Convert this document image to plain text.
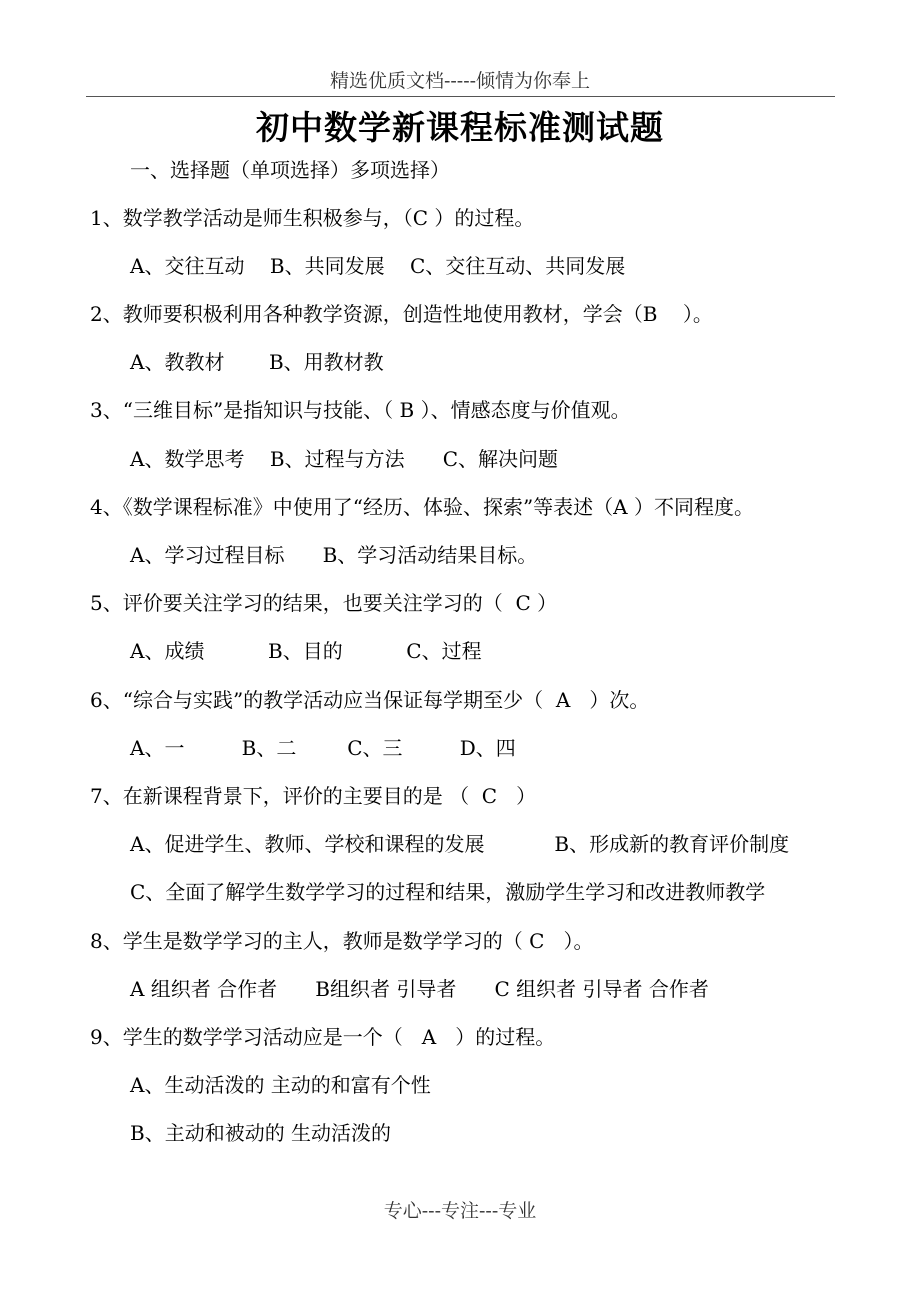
精选优质文档-----倾情为你奉上
初中数学新课程标准测试题
一、选择题（单项选择）多项选择）
1、数学教学活动是师生积极参与，（C ）的过程。
A、交往互动    B、共同发展    C、交往互动、共同发展
2、教师要积极利用各种教学资源，创造性地使用教材，学会（B    ）。
A、教教材       B、用教材教
3、“三维目标”是指知识与技能、（ B ）、情感态度与价值观。
A、数学思考    B、过程与方法      C、解决问题
4、《数学课程标准》中使用了“经历、体验、探索”等表述（A ）不同程度。
A、学习过程目标      B、学习活动结果目标。
5、评价要关注学习的结果，也要关注学习的（  C ）
A、成绩          B、目的          C、过程
6、“综合与实践”的教学活动应当保证每学期至少（  A   ）次。
A、一         B、二        C、三         D、四
7、在新课程背景下，评价的主要目的是 （  C   ）
A、促进学生、教师、学校和课程的发展           B、形成新的教育评价制度
C、全面了解学生数学学习的过程和结果，激励学生学习和改进教师教学
8、学生是数学学习的主人，教师是数学学习的（ C   ）。
A 组织者 合作者      B组织者 引导者      C 组织者 引导者 合作者
9、学生的数学学习活动应是一个（   A   ）的过程。
A、生动活泼的 主动的和富有个性
B、主动和被动的 生动活泼的
专心---专注---专业
